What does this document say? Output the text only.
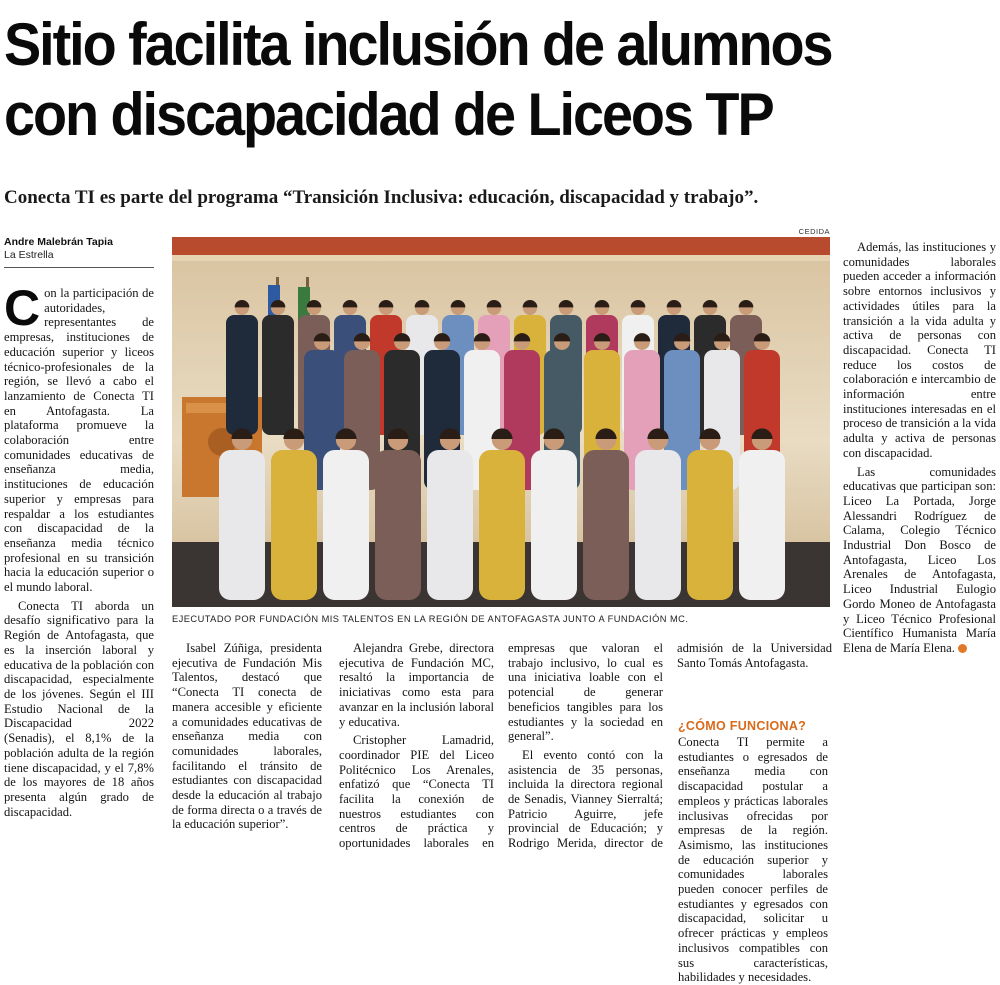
Sitio facilita inclusión de alumnos
con discapacidad de Liceos TP

Conecta TI es parte del programa “Transición Inclusiva: educación, discapacidad y trabajo”.

Andre Malebrán Tapia
La Estrella
CEDIDA
EJECUTADO POR FUNDACIÓN MIS TALENTOS EN LA REGIÓN DE ANTOFAGASTA JUNTO A FUNDACIÓN MC.

Con la participación de autoridades, representantes de empresas, instituciones de educación superior y liceos técnico-profesionales de la región, se llevó a cabo el lanzamiento de Conecta TI en Antofagasta. La plataforma promueve la colaboración entre comunidades educativas de enseñanza media, instituciones de educación superior y empresas para respaldar a los estudiantes con discapacidad de la enseñanza media técnico profesional en su transición hacia la educación superior o el mundo laboral.

Conecta TI aborda un desafío significativo para la Región de Antofagasta, que es la inserción laboral y educativa de la población con discapacidad, especialmente de los jóvenes. Según el III Estudio Nacional de la Discapacidad 2022 (Senadis), el 8,1% de la población adulta de la región tiene discapacidad, y el 7,8% de los mayores de 18 años presenta algún grado de discapacidad.

Isabel Zúñiga, presidenta ejecutiva de Fundación Mis Talentos, destacó que “Conecta TI conecta de manera accesible y eficiente a comunidades educativas de enseñanza media con comunidades laborales, facilitando el tránsito de estudiantes con discapacidad desde la educación al trabajo de forma directa o a través de la educación superior”.

Alejandra Grebe, directora ejecutiva de Fundación MC, resaltó la importancia de iniciativas como esta para avanzar en la inclusión laboral y educativa.

Cristopher Lamadrid, coordinador PIE del Liceo Politécnico Los Arenales, enfatizó que “Conecta TI facilita la conexión de nuestros estudiantes con centros de práctica y oportunidades laborales en empresas que valoran el trabajo inclusivo, lo cual es una iniciativa loable con el potencial de generar beneficios tangibles para los estudiantes y la sociedad en general”.

El evento contó con la asistencia de 35 personas, incluida la directora regional de Senadis, Vianney Sierraltá; Patricio Aguirre, jefe provincial de Educación; y Rodrigo Merida, director de admisión de la Universidad Santo Tomás Antofagasta.

¿CÓMO FUNCIONA?

Conecta TI permite a estudiantes o egresados de enseñanza media con discapacidad postular a empleos y prácticas laborales inclusivas ofrecidas por empresas de la región. Asimismo, las instituciones de educación superior y comunidades laborales pueden conocer perfiles de estudiantes y egresados con discapacidad, solicitar u ofrecer prácticas y empleos inclusivos compatibles con sus características, habilidades y necesidades.

Además, las instituciones y comunidades laborales pueden acceder a información sobre entornos inclusivos y actividades útiles para la transición a la vida adulta y activa de personas con discapacidad. Conecta TI reduce los costos de colaboración e intercambio de información entre instituciones interesadas en el proceso de transición a la vida adulta y activa de personas con discapacidad.

Las comunidades educativas que participan son: Liceo La Portada, Jorge Alessandri Rodríguez de Calama, Colegio Técnico Industrial Don Bosco de Antofagasta, Liceo Los Arenales de Antofagasta, Liceo Industrial Eulogio Gordo Moneo de Antofagasta y Liceo Técnico Profesional Científico Humanista María Elena de María Elena.
